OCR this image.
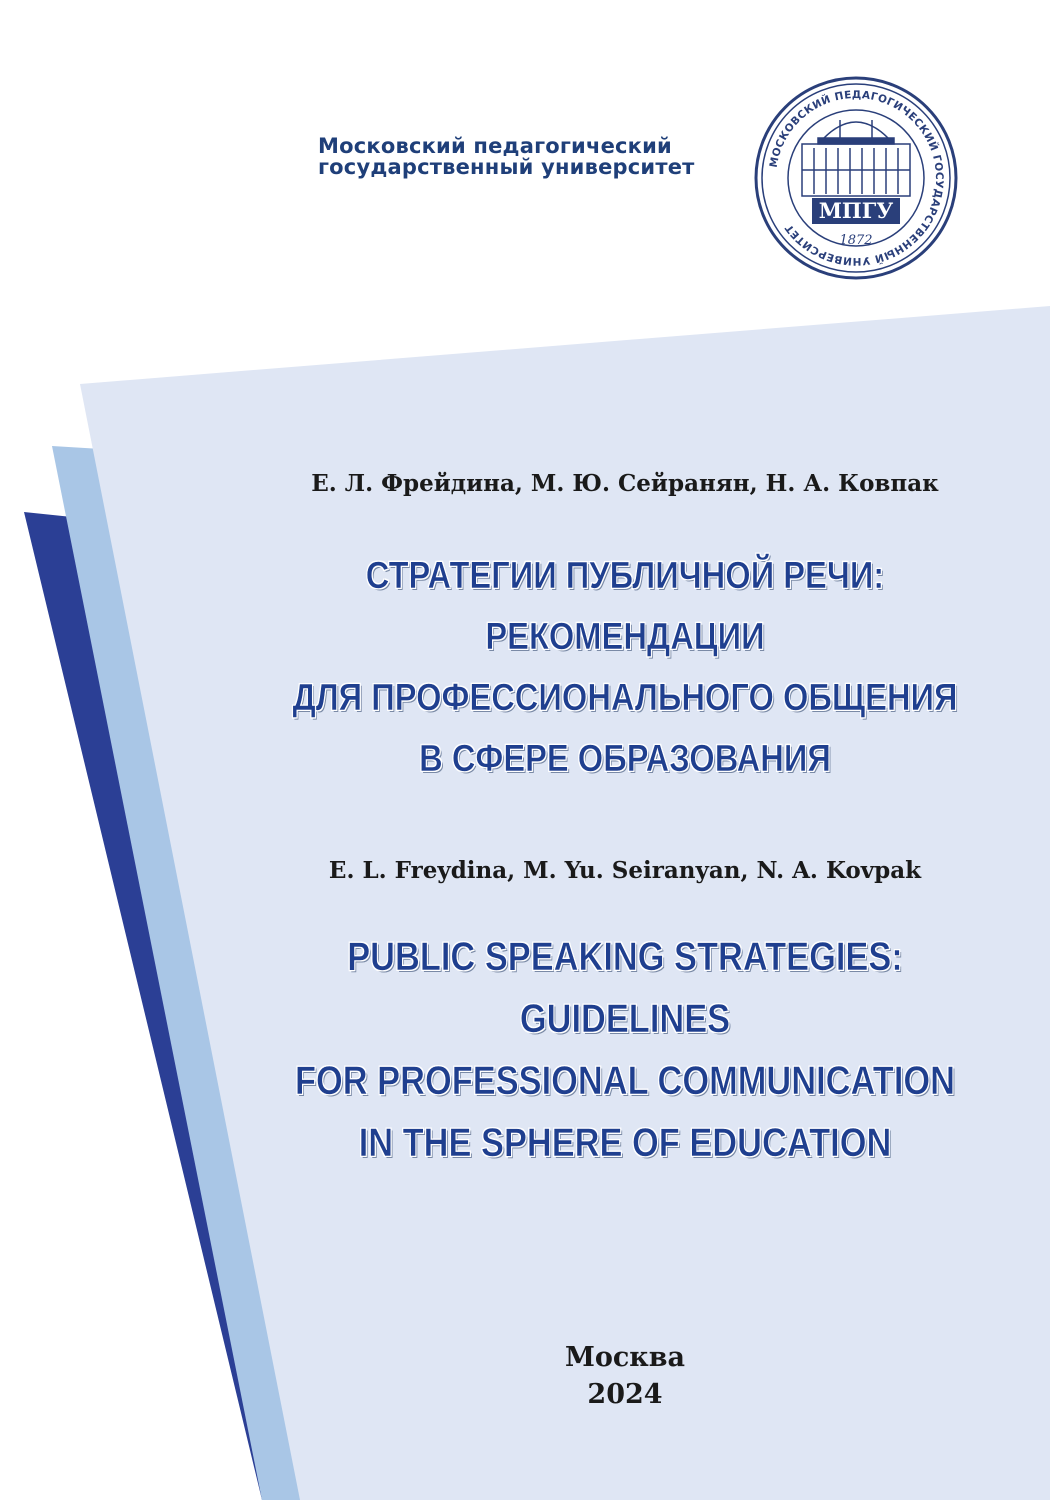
Московский педагогический
государственный университет	МОСКОВСКИЙ ПЕДАГОГИЧЕСКИЙ ГОСУДАРСТВЕННЫЙ УНИВЕРСИТЕТ
МПГУ
1872
Е. Л. Фрейдина, М. Ю. Сейранян, Н. А. Ковпак
СТРАТЕГИИ ПУБЛИЧНОЙ РЕЧИ:
РЕКОМЕНДАЦИИ
ДЛЯ ПРОФЕССИОНАЛЬНОГО ОБЩЕНИЯ
В СФЕРЕ ОБРАЗОВАНИЯ
E. L. Freydina, M. Yu. Seiranyan, N. A. Kovpak
PUBLIC SPEAKING STRATEGIES:
GUIDELINES
FOR PROFESSIONAL COMMUNICATION
IN THE SPHERE OF EDUCATION
Москва
2024
